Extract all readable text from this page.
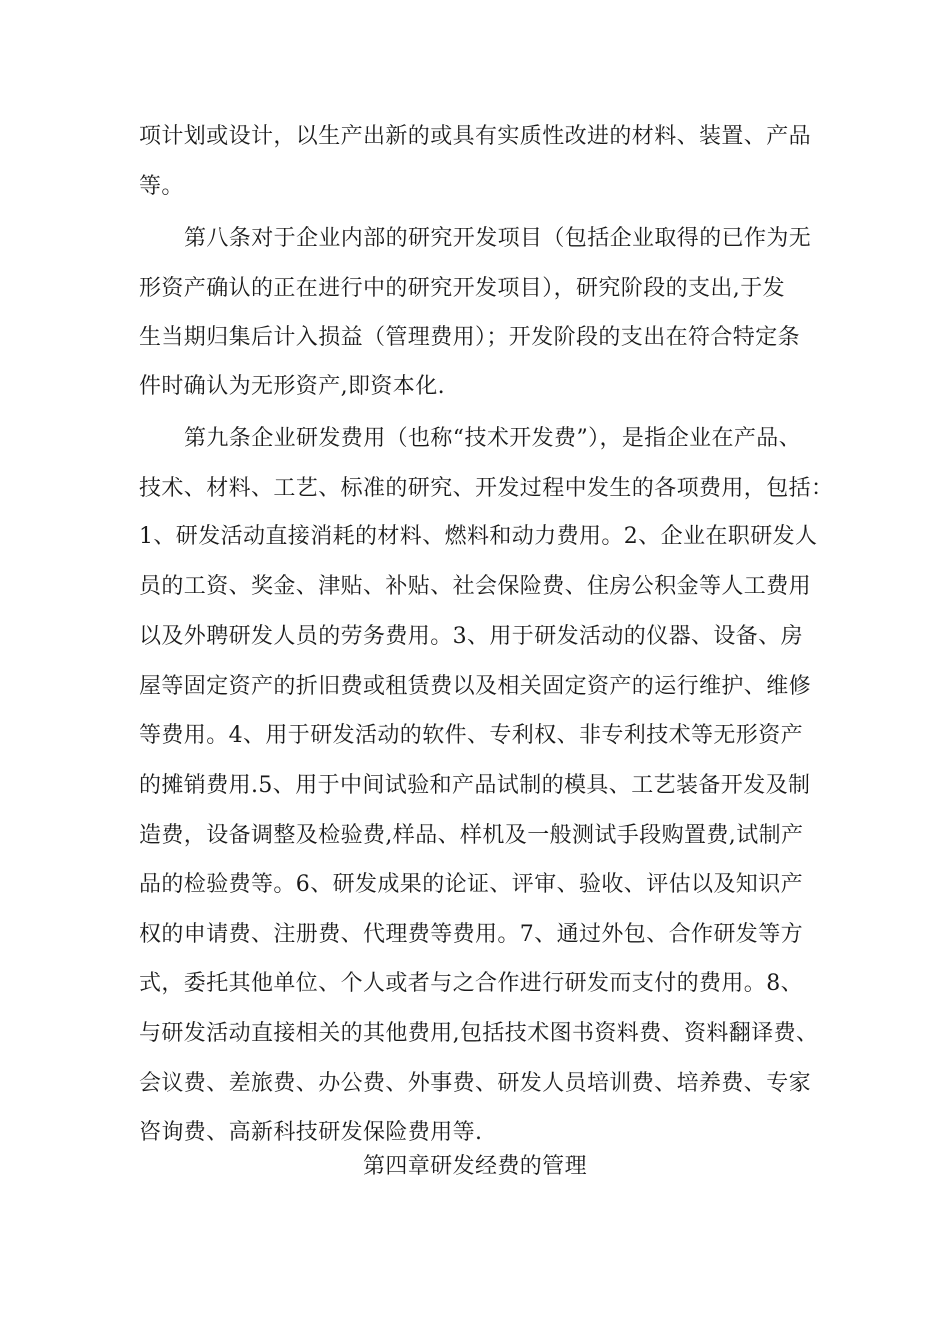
项计划或设计，以生产出新的或具有实质性改进的材料、装置、产品
等。
第八条对于企业内部的研究开发项目（包括企业取得的已作为无
形资产确认的正在进行中的研究开发项目），研究阶段的支出,于发
生当期归集后计入损益（管理费用）；开发阶段的支出在符合特定条
件时确认为无形资产,即资本化.
第九条企业研发费用（也称“技术开发费”），是指企业在产品、
技术、材料、工艺、标准的研究、开发过程中发生的各项费用，包括：
1、研发活动直接消耗的材料、燃料和动力费用。2、企业在职研发人
员的工资、奖金、津贴、补贴、社会保险费、住房公积金等人工费用
以及外聘研发人员的劳务费用。3、用于研发活动的仪器、设备、房
屋等固定资产的折旧费或租赁费以及相关固定资产的运行维护、维修
等费用。4、用于研发活动的软件、专利权、非专利技术等无形资产
的摊销费用.5、用于中间试验和产品试制的模具、工艺装备开发及制
造费，设备调整及检验费,样品、样机及一般测试手段购置费,试制产
品的检验费等。6、研发成果的论证、评审、验收、评估以及知识产
权的申请费、注册费、代理费等费用。7、通过外包、合作研发等方
式，委托其他单位、个人或者与之合作进行研发而支付的费用。8、
与研发活动直接相关的其他费用,包括技术图书资料费、资料翻译费、
会议费、差旅费、办公费、外事费、研发人员培训费、培养费、专家
咨询费、高新科技研发保险费用等.
第四章研发经费的管理
